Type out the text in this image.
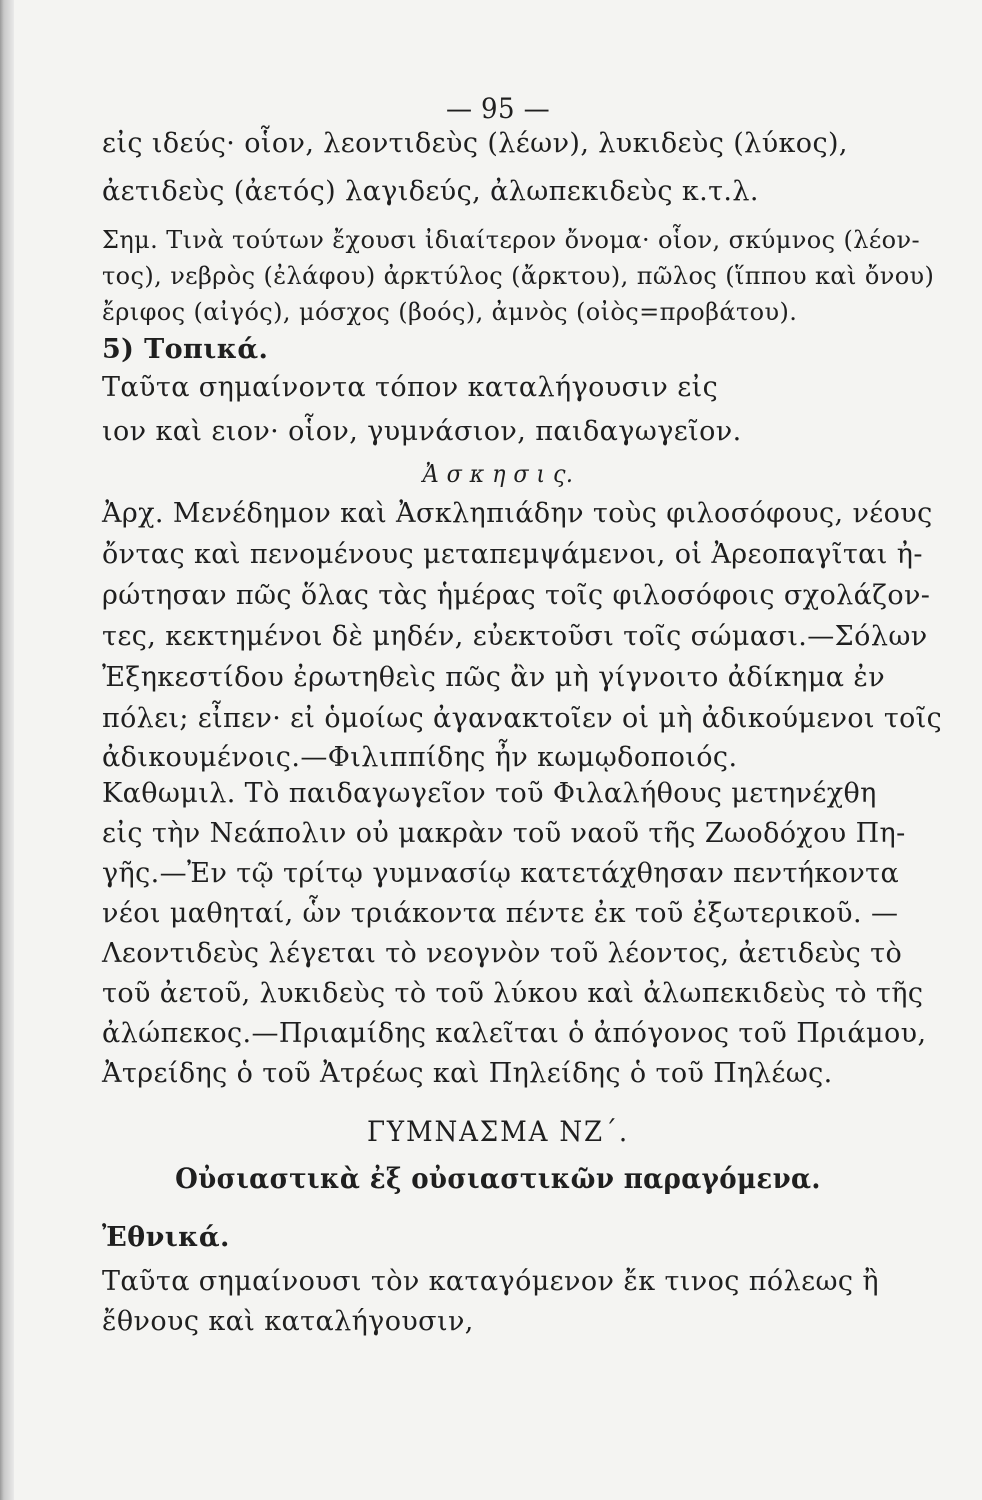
— 95 —
εἰς ιδεύς· οἷον, λεοντιδεὺς (λέων), λυκιδεὺς (λύκος),
ἀετιδεὺς (ἀετός) λαγιδεύς, ἀλωπεκιδεὺς κ.τ.λ.
Σημ. Τινὰ τούτων ἔχουσι ἰδιαίτερον ὄνομα· οἷον, σκύμνος (λέον-
τος), νεβρὸς (ἐλάφου) ἀρκτύλος (ἄρκτου), πῶλος (ἵππου καὶ ὄνου)
ἔριφος (αἰγός), μόσχος (βοός), ἀμνὸς (οἰὸς=προβάτου).
5) Τοπικά.
Ταῦτα σημαίνοντα τόπον καταλήγουσιν εἰς
ιον καὶ ειον· οἷον, γυμνάσιον, παιδαγωγεῖον.
Ἀ σ κ η σ ι ς.
Ἀρχ. Μενέδημον καὶ Ἀσκληπιάδην τοὺς φιλοσόφους, νέους
ὄντας καὶ πενομένους μεταπεμψάμενοι, οἱ Ἀρεοπαγῖται ἠ-
ρώτησαν πῶς ὅλας τὰς ἡμέρας τοῖς φιλοσόφοις σχολάζον-
τες, κεκτημένοι δὲ μηδέν, εὐεκτοῦσι τοῖς σώμασι.—Σόλων
Ἐξηκεστίδου ἐρωτηθεὶς πῶς ἂν μὴ γίγνοιτο ἀδίκημα ἐν
πόλει; εἶπεν· εἰ ὁμοίως ἀγανακτοῖεν οἱ μὴ ἀδικούμενοι τοῖς
ἀδικουμένοις.—Φιλιππίδης ἦν κωμῳδοποιός.
Καθωμιλ. Τὸ παιδαγωγεῖον τοῦ Φιλαλήθους μετηνέχθη
εἰς τὴν Νεάπολιν οὐ μακρὰν τοῦ ναοῦ τῆς Ζωοδόχου Πη-
γῆς.—Ἐν τῷ τρίτῳ γυμνασίῳ κατετάχθησαν πεντήκοντα
νέοι μαθηταί, ὧν τριάκοντα πέντε ἐκ τοῦ ἐξωτερικοῦ. —
Λεοντιδεὺς λέγεται τὸ νεογνὸν τοῦ λέοντος, ἀετιδεὺς τὸ
τοῦ ἀετοῦ, λυκιδεὺς τὸ τοῦ λύκου καὶ ἀλωπεκιδεὺς τὸ τῆς
ἀλώπεκος.—Πριαμίδης καλεῖται ὁ ἀπόγονος τοῦ Πριάμου,
Ἀτρείδης ὁ τοῦ Ἀτρέως καὶ Πηλείδης ὁ τοῦ Πηλέως.
ΓΥΜΝΑΣΜΑ ΝΖ΄.
Οὐσιαστικὰ ἐξ οὐσιαστικῶν παραγόμενα.
Ἐθνικά.
Ταῦτα σημαίνουσι τὸν καταγόμενον ἔκ τινος πόλεως ἢ
ἔθνους καὶ καταλήγουσιν,
